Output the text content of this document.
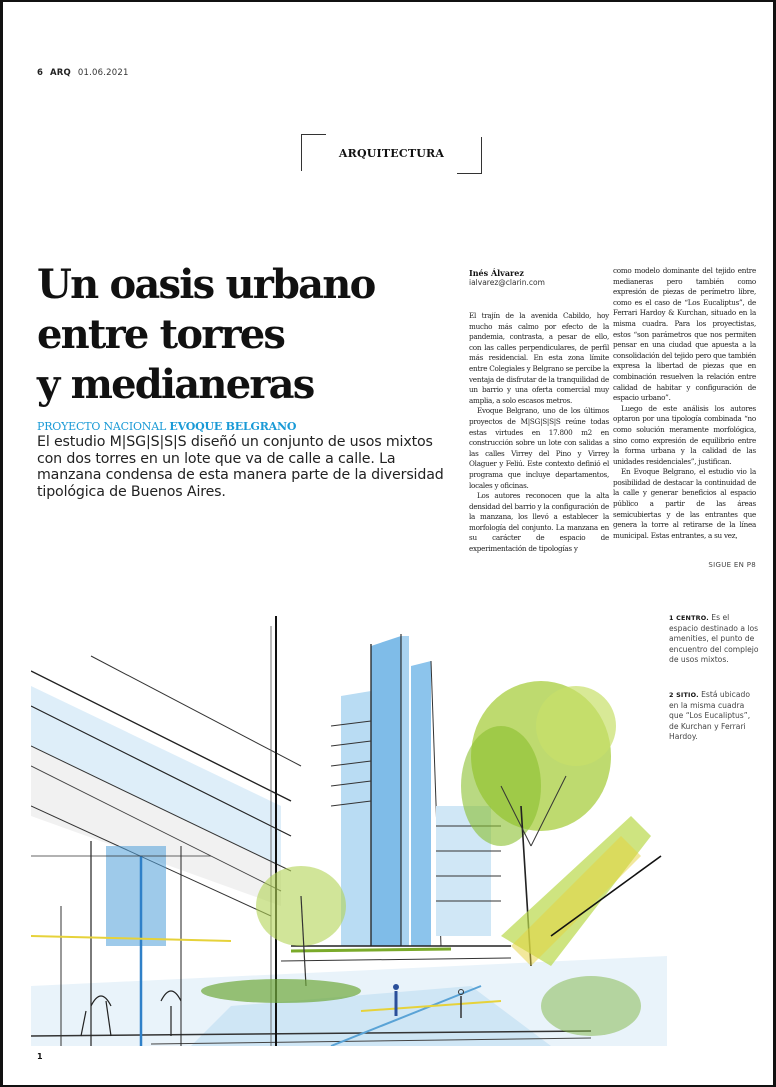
6 ARQ 01.06.2021
ARQUITECTURA
Un oasis urbano
entre torres
y medianeras
PROYECTO NACIONAL EVOQUE BELGRANO
El estudio M|SG|S|S|S diseñó un conjunto de usos mixtos con dos torres en un lote que va de calle a calle. La manzana condensa de esta manera parte de la diversidad tipológica de Buenos Aires.
Inés Álvarez
ialvarez@clarin.com

El trajín de la avenida Cabildo, hoy mucho más calmo por efecto de la pandemia, contrasta, a pesar de ello, con las calles perpendiculares, de perfil más residencial. En esta zona límite entre Colegiales y Belgrano se percibe la ventaja de disfrutar de la tranquilidad de un barrio y una oferta comercial muy amplia, a solo escasos metros.

Evoque Belgrano, uno de los últimos proyectos de M|SG|S|S|S reúne todas estas virtudes en 17.800 m2 en construcción sobre un lote con salidas a las calles Virrey del Pino y Virrey Olaguer y Feliú. Este contexto definió el programa que incluye departamentos, locales y oficinas.

Los autores reconocen que la alta densidad del barrio y la configuración de la manzana, los llevó a establecer la morfología del conjunto. La manzana en su carácter de espacio de experimentación de tipologías y

como modelo dominante del tejido entre medianeras pero también como expresión de piezas de perímetro libre, como es el caso de “Los Eucaliptus”, de Ferrari Hardoy & Kurchan, situado en la misma cuadra. Para los proyectistas, estos “son parámetros que nos permiten pensar en una ciudad que apuesta a la consolidación del tejido pero que también expresa la libertad de piezas que en combinación resuelven la relación entre calidad de habitar y configuración de espacio urbano”.

Luego de este análisis los autores optaron por una tipología combinada “no como solución meramente morfológica, sino como expresión de equilibrio entre la forma urbana y la calidad de las unidades residenciales”, justifican.

En Evoque Belgrano, el estudio vio la posibilidad de destacar la continuidad de la calle y generar beneficios al espacio público a partir de las áreas semicubiertas y de las entrantes que genera la torre al retirarse de la línea municipal. Estas entrantes, a su vez,

SIGUE EN P8
1 CENTRO. Es el espacio destinado a los amenities, el punto de encuentro del complejo de usos mixtos.
2 SITIO. Está ubicado en la misma cuadra que “Los Eucaliptus”, de Kurchan y Ferrari Hardoy.
1
